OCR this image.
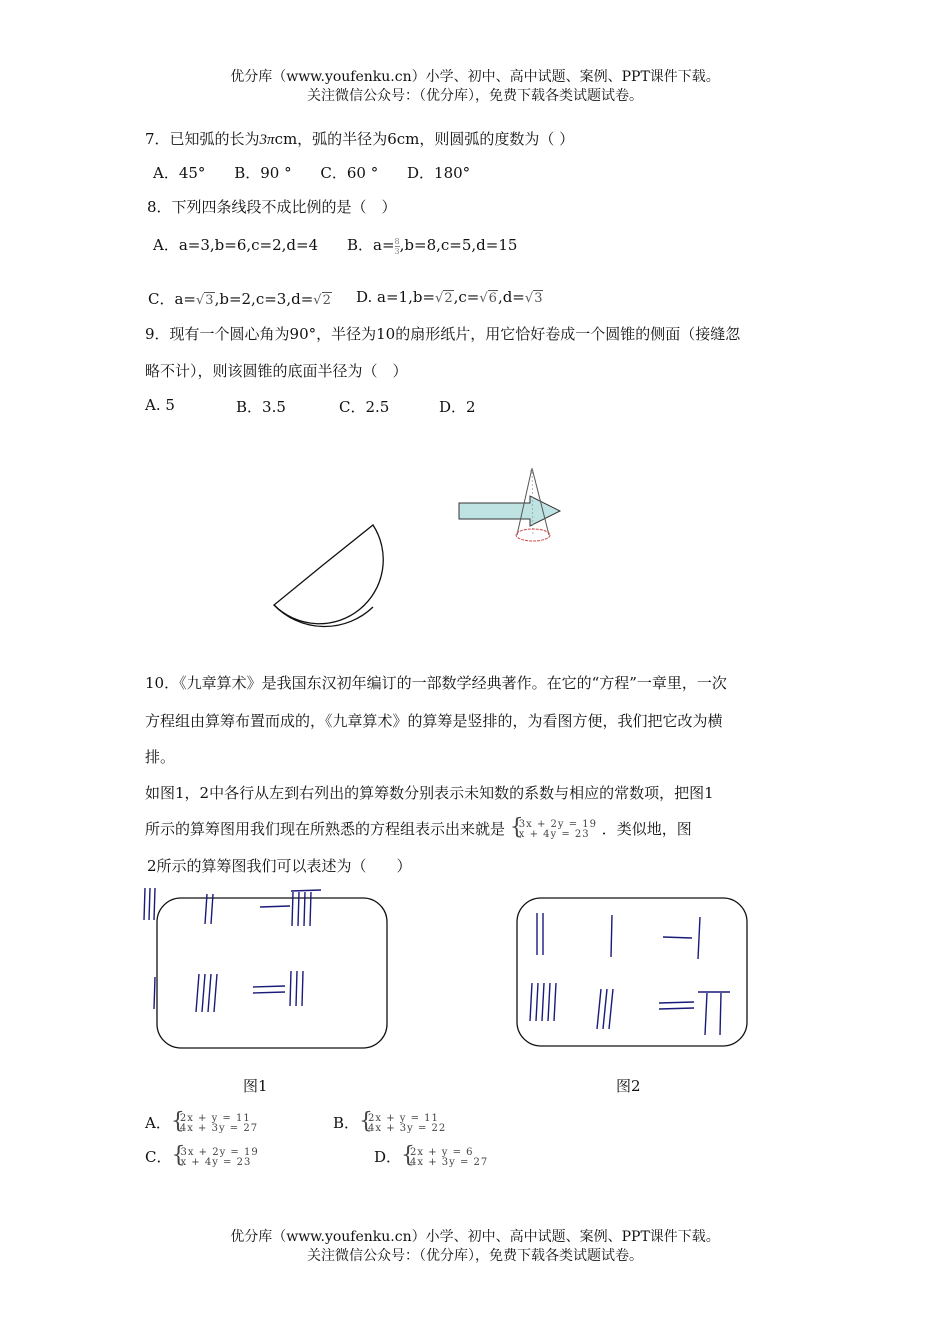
优分库（www.youfenku.cn）小学、初中、高中试题、案例、PPT课件下载。
关注微信公众号：（优分库），免费下载各类试题试卷。
7．已知弧的长为3πcm，弧的半径为6cm，则圆弧的度数为（ ）
A．45° B．90 ° C．60 ° D．180°
8．下列四条线段不成比例的是（　）
A．a=3,b=6,c=2,d=4 B．$a= \frac{8}{3},b=8,c=5,d=15$
C．a=√3,b=2,c=3,d=√2 D. a=1,b=√2,c=√6,d=√3
9．现有一个圆心角为90°，半径为10的扇形纸片，用它恰好卷成一个圆锥的侧面（接缝忽
略不计），则该圆锥的底面半径为（　）
A. 5	B．3.5	C．2.5	D．2
r
10．《九章算术》是我国东汉初年编订的一部数学经典著作。在它的“方程”一章里，一次
方程组由算筹布置而成的，《九章算术》的算筹是竖排的，为看图方便，我们把它改为横
排。
如图1，2中各行从左到右列出的算筹数分别表示未知数的系数与相应的常数项，把图1
所示的算筹图用我们现在所熟悉的方程组表示出来就是 { 3x + 2y = 19
x + 4y = 23 ．类似地，图
2所示的算筹图我们可以表述为（　　）
图1	图2
A． { 2x + y = 11
4x + 3y = 27	B． { 2x + y = 11
4x + 3y = 22
C． { 3x + 2y = 19
x + 4y = 23	D． { 2x + y = 6
4x + 3y = 27
优分库（www.youfenku.cn）小学、初中、高中试题、案例、PPT课件下载。
关注微信公众号：（优分库），免费下载各类试题试卷。
